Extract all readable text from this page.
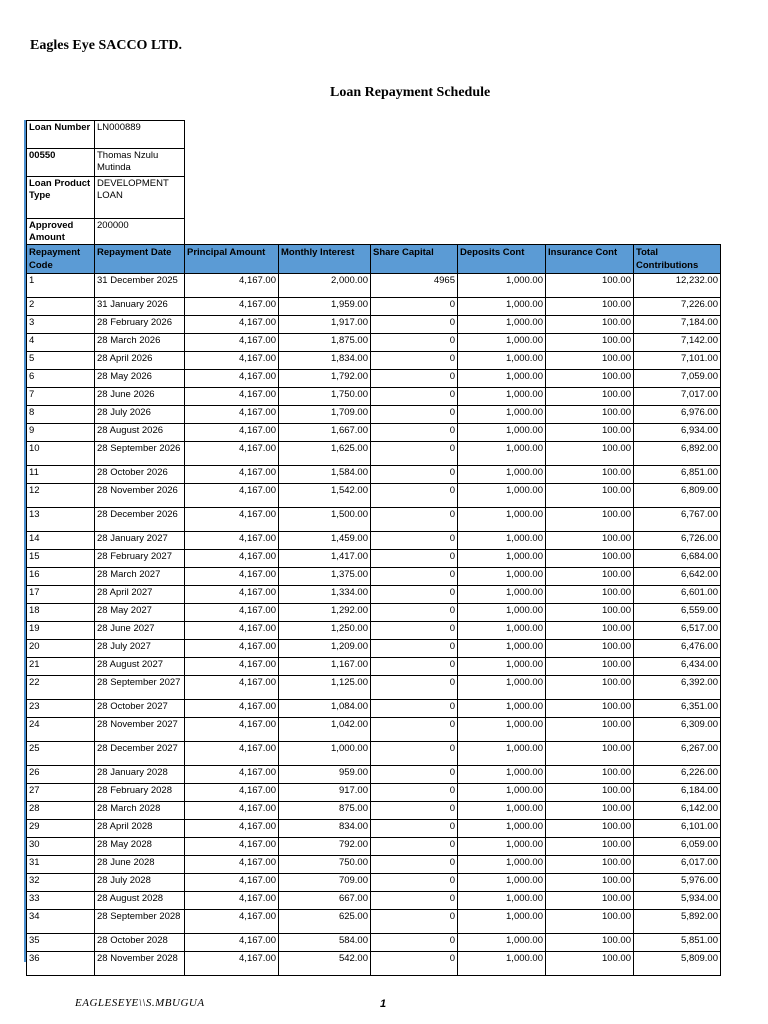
Eagles Eye SACCO LTD.
Loan Repayment Schedule
Loan Number	LN000889
00550	Thomas Nzulu Mutinda
Loan Product Type	DEVELOPMENT LOAN
Approved Amount	200000
Repayment Code	Repayment Date	Principal Amount	Monthly Interest	Share Capital	Deposits Cont	Insurance Cont	Total Contributions
1	31 December 2025	4,167.00	2,000.00	4965	1,000.00	100.00	12,232.00
2	31 January 2026	4,167.00	1,959.00	0	1,000.00	100.00	7,226.00
3	28 February 2026	4,167.00	1,917.00	0	1,000.00	100.00	7,184.00
4	28 March 2026	4,167.00	1,875.00	0	1,000.00	100.00	7,142.00
5	28 April 2026	4,167.00	1,834.00	0	1,000.00	100.00	7,101.00
6	28 May 2026	4,167.00	1,792.00	0	1,000.00	100.00	7,059.00
7	28 June 2026	4,167.00	1,750.00	0	1,000.00	100.00	7,017.00
8	28 July 2026	4,167.00	1,709.00	0	1,000.00	100.00	6,976.00
9	28 August 2026	4,167.00	1,667.00	0	1,000.00	100.00	6,934.00
10	28 September 2026	4,167.00	1,625.00	0	1,000.00	100.00	6,892.00
11	28 October 2026	4,167.00	1,584.00	0	1,000.00	100.00	6,851.00
12	28 November 2026	4,167.00	1,542.00	0	1,000.00	100.00	6,809.00
13	28 December 2026	4,167.00	1,500.00	0	1,000.00	100.00	6,767.00
14	28 January 2027	4,167.00	1,459.00	0	1,000.00	100.00	6,726.00
15	28 February 2027	4,167.00	1,417.00	0	1,000.00	100.00	6,684.00
16	28 March 2027	4,167.00	1,375.00	0	1,000.00	100.00	6,642.00
17	28 April 2027	4,167.00	1,334.00	0	1,000.00	100.00	6,601.00
18	28 May 2027	4,167.00	1,292.00	0	1,000.00	100.00	6,559.00
19	28 June 2027	4,167.00	1,250.00	0	1,000.00	100.00	6,517.00
20	28 July 2027	4,167.00	1,209.00	0	1,000.00	100.00	6,476.00
21	28 August 2027	4,167.00	1,167.00	0	1,000.00	100.00	6,434.00
22	28 September 2027	4,167.00	1,125.00	0	1,000.00	100.00	6,392.00
23	28 October 2027	4,167.00	1,084.00	0	1,000.00	100.00	6,351.00
24	28 November 2027	4,167.00	1,042.00	0	1,000.00	100.00	6,309.00
25	28 December 2027	4,167.00	1,000.00	0	1,000.00	100.00	6,267.00
26	28 January 2028	4,167.00	959.00	0	1,000.00	100.00	6,226.00
27	28 February 2028	4,167.00	917.00	0	1,000.00	100.00	6,184.00
28	28 March 2028	4,167.00	875.00	0	1,000.00	100.00	6,142.00
29	28 April 2028	4,167.00	834.00	0	1,000.00	100.00	6,101.00
30	28 May 2028	4,167.00	792.00	0	1,000.00	100.00	6,059.00
31	28 June 2028	4,167.00	750.00	0	1,000.00	100.00	6,017.00
32	28 July 2028	4,167.00	709.00	0	1,000.00	100.00	5,976.00
33	28 August 2028	4,167.00	667.00	0	1,000.00	100.00	5,934.00
34	28 September 2028	4,167.00	625.00	0	1,000.00	100.00	5,892.00
35	28 October 2028	4,167.00	584.00	0	1,000.00	100.00	5,851.00
36	28 November 2028	4,167.00	542.00	0	1,000.00	100.00	5,809.00
EAGLESEYE\\S.MBUGUA	1
